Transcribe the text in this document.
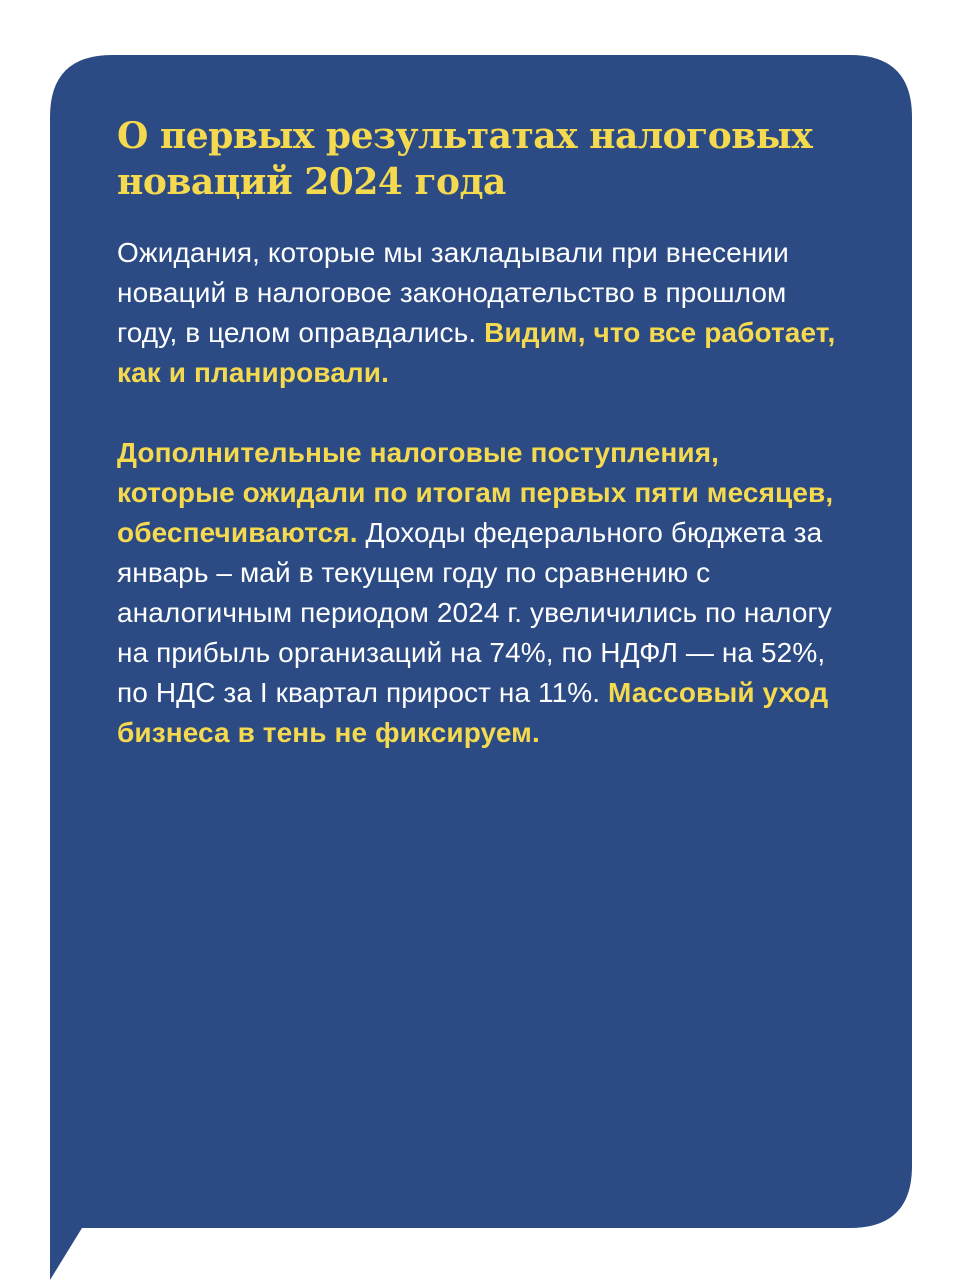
О первых результатах налоговых новаций 2024 года

Ожидания, которые мы закладывали при внесении новаций в налоговое законодательство в прошлом году, в целом оправдались. Видим, что все работает, как и планировали.

Дополнительные налоговые поступления, которые ожидали по итогам первых пяти месяцев, обеспечиваются. Доходы федерального бюджета за январь – май в текущем году по сравнению с аналогичным периодом 2024 г. увеличились по налогу на прибыль организаций на 74%, по НДФЛ — на 52%, по НДС за I квартал прирост на 11%. Массовый уход бизнеса в тень не фиксируем.
